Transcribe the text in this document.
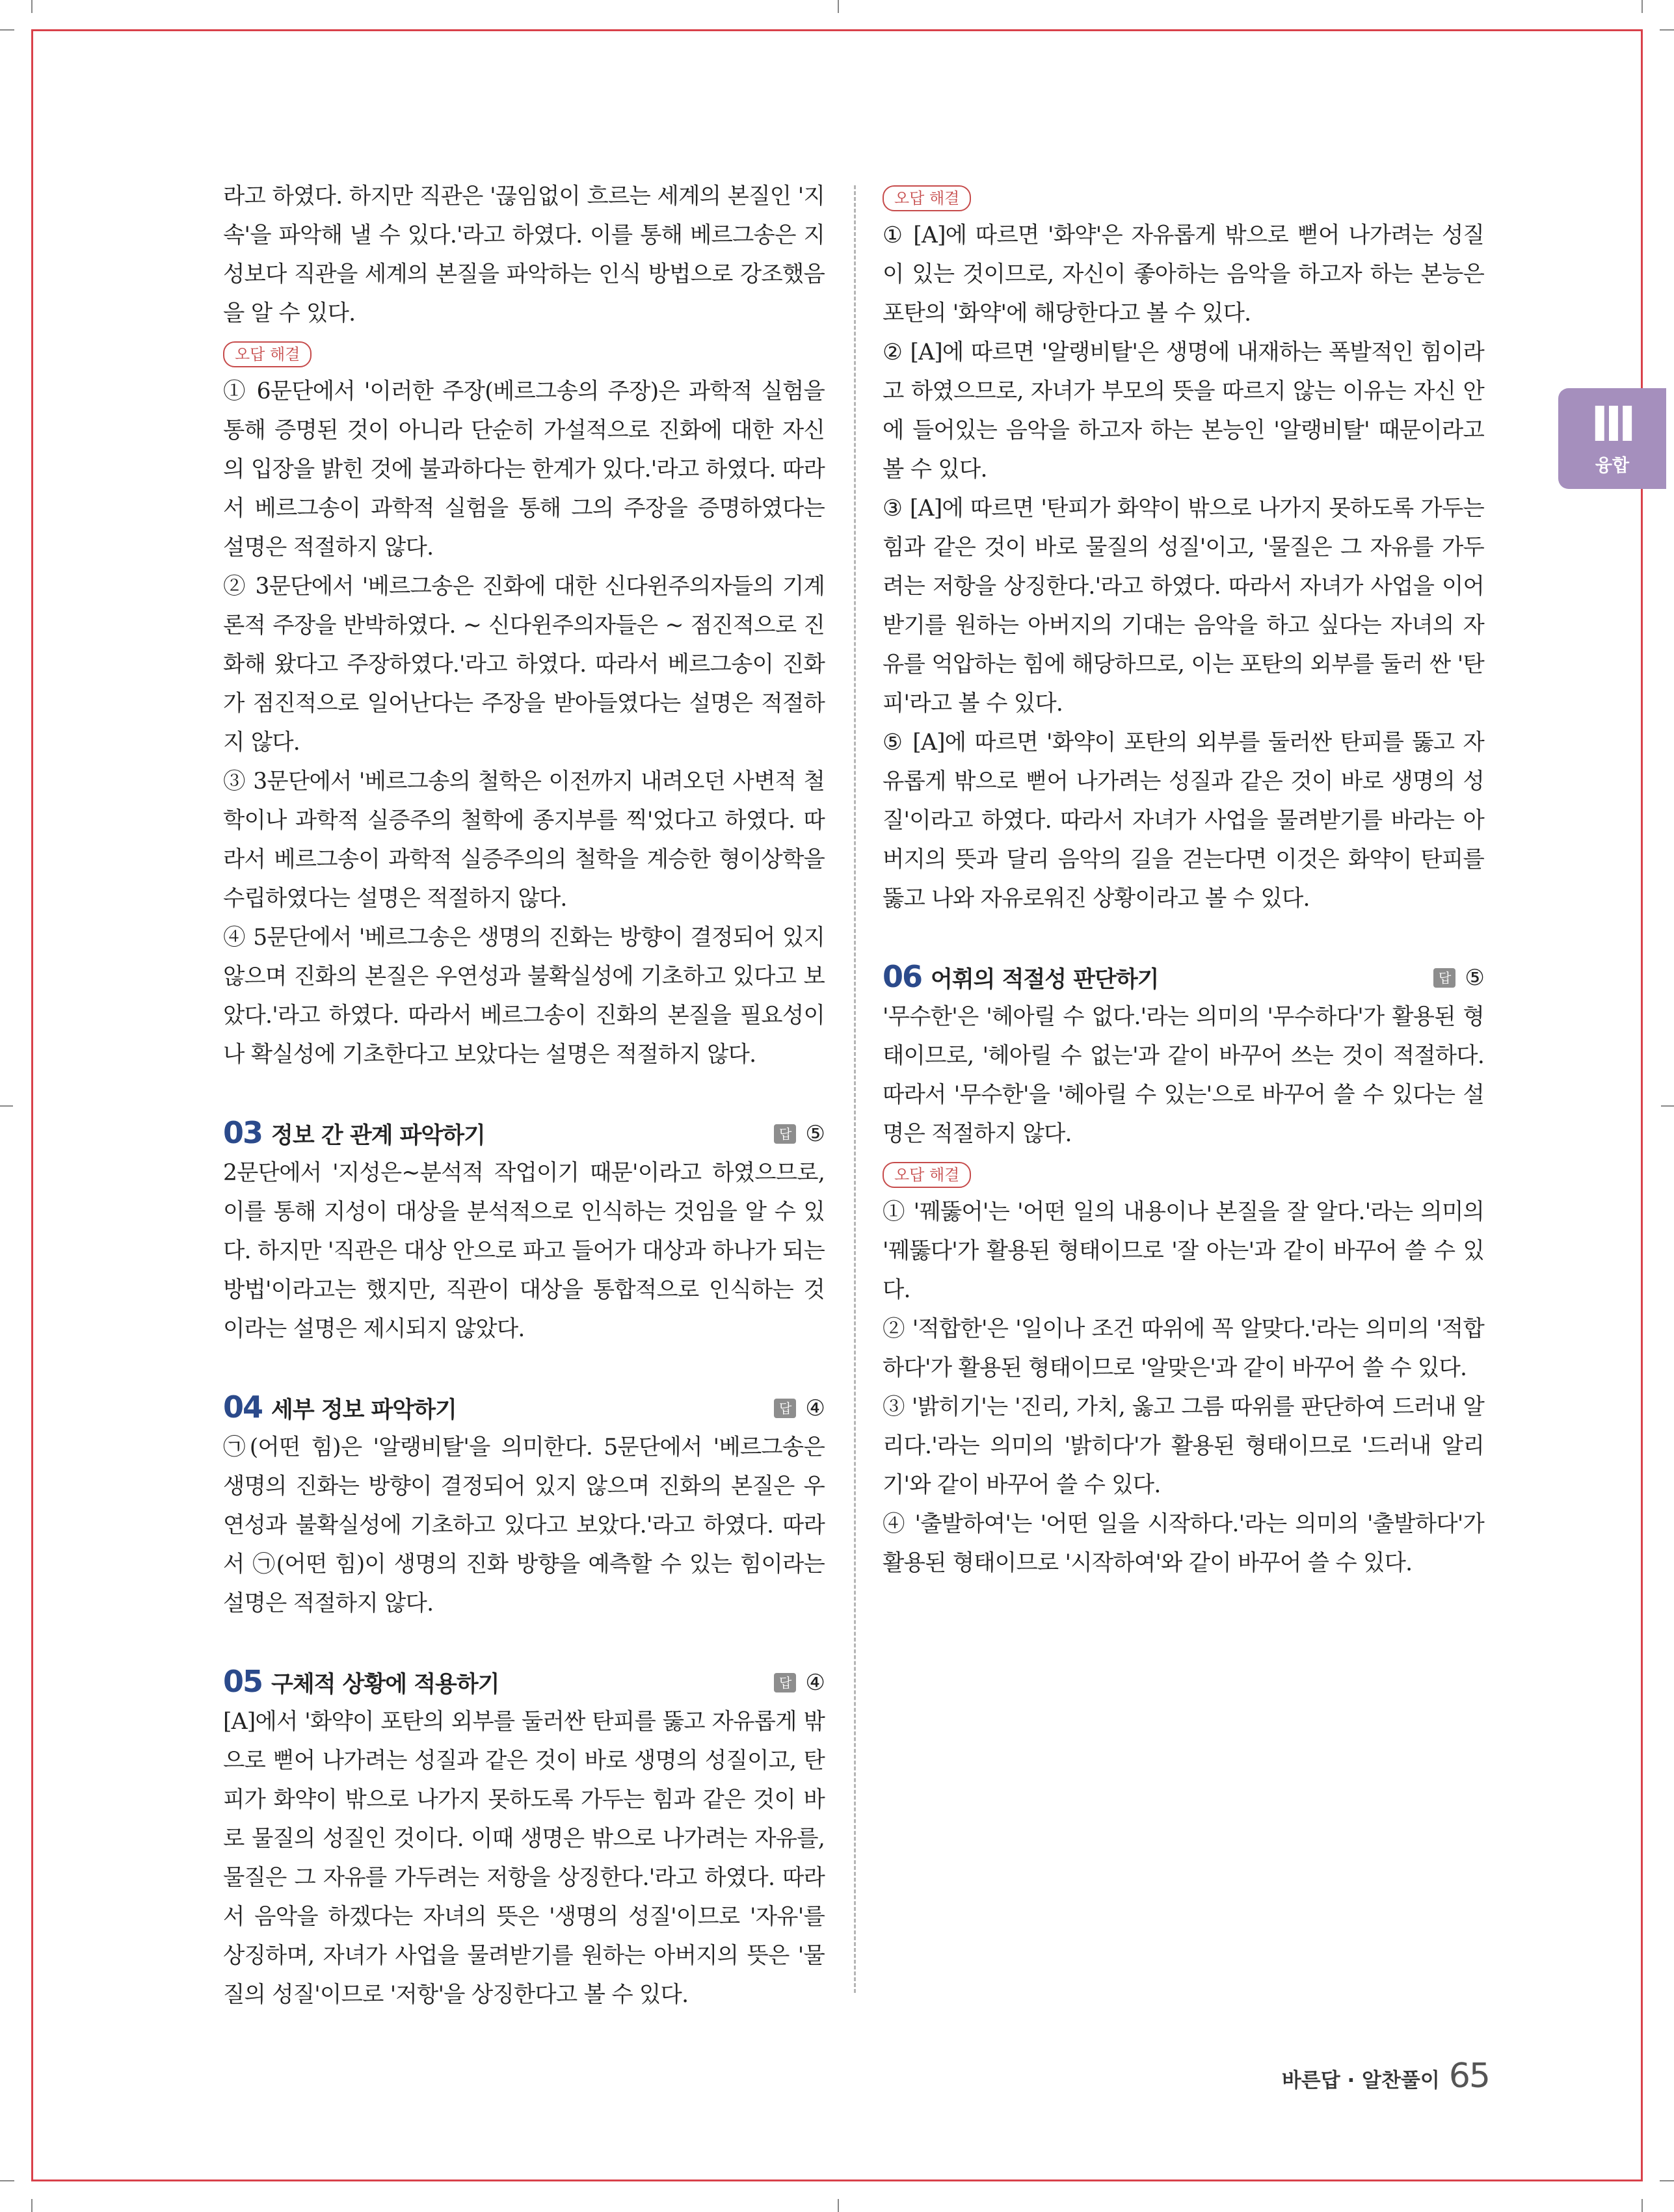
라고 하였다. 하지만 직관은 '끊임없이 흐르는 세계의 본질인 '지속'을 파악해 낼 수 있다.'라고 하였다. 이를 통해 베르그송은 지성보다 직관을 세계의 본질을 파악하는 인식 방법으로 강조했음을 알 수 있다.

오답 해결

① 6문단에서 '이러한 주장(베르그송의 주장)은 과학적 실험을 통해 증명된 것이 아니라 단순히 가설적으로 진화에 대한 자신의 입장을 밝힌 것에 불과하다는 한계가 있다.'라고 하였다. 따라서 베르그송이 과학적 실험을 통해 그의 주장을 증명하였다는 설명은 적절하지 않다.

② 3문단에서 '베르그송은 진화에 대한 신다윈주의자들의 기계론적 주장을 반박하였다. ~ 신다윈주의자들은 ~ 점진적으로 진화해 왔다고 주장하였다.'라고 하였다. 따라서 베르그송이 진화가 점진적으로 일어난다는 주장을 받아들였다는 설명은 적절하지 않다.

③ 3문단에서 '베르그송의 철학은 이전까지 내려오던 사변적 철학이나 과학적 실증주의 철학에 종지부를 찍'었다고 하였다. 따라서 베르그송이 과학적 실증주의의 철학을 계승한 형이상학을 수립하였다는 설명은 적절하지 않다.

④ 5문단에서 '베르그송은 생명의 진화는 방향이 결정되어 있지 않으며 진화의 본질은 우연성과 불확실성에 기초하고 있다고 보았다.'라고 하였다. 따라서 베르그송이 진화의 본질을 필요성이나 확실성에 기초한다고 보았다는 설명은 적절하지 않다.

03 정보 간 관계 파악하기	답 ⑤

2문단에서 '지성은~분석적 작업이기 때문'이라고 하였으므로, 이를 통해 지성이 대상을 분석적으로 인식하는 것임을 알 수 있다. 하지만 '직관은 대상 안으로 파고 들어가 대상과 하나가 되는 방법'이라고는 했지만, 직관이 대상을 통합적으로 인식하는 것이라는 설명은 제시되지 않았다.

04 세부 정보 파악하기	답 ④

㉠(어떤 힘)은 '알랭비탈'을 의미한다. 5문단에서 '베르그송은 생명의 진화는 방향이 결정되어 있지 않으며 진화의 본질은 우연성과 불확실성에 기초하고 있다고 보았다.'라고 하였다. 따라서 ㉠(어떤 힘)이 생명의 진화 방향을 예측할 수 있는 힘이라는 설명은 적절하지 않다.

05 구체적 상황에 적용하기	답 ④

[A]에서 '화약이 포탄의 외부를 둘러싼 탄피를 뚫고 자유롭게 밖으로 뻗어 나가려는 성질과 같은 것이 바로 생명의 성질이고, 탄피가 화약이 밖으로 나가지 못하도록 가두는 힘과 같은 것이 바로 물질의 성질인 것이다. 이때 생명은 밖으로 나가려는 자유를, 물질은 그 자유를 가두려는 저항을 상징한다.'라고 하였다. 따라서 음악을 하겠다는 자녀의 뜻은 '생명의 성질'이므로 '자유'를 상징하며, 자녀가 사업을 물려받기를 원하는 아버지의 뜻은 '물질의 성질'이므로 '저항'을 상징한다고 볼 수 있다.

오답 해결

① [A]에 따르면 '화약'은 자유롭게 밖으로 뻗어 나가려는 성질이 있는 것이므로, 자신이 좋아하는 음악을 하고자 하는 본능은 포탄의 '화약'에 해당한다고 볼 수 있다.

② [A]에 따르면 '알랭비탈'은 생명에 내재하는 폭발적인 힘이라고 하였으므로, 자녀가 부모의 뜻을 따르지 않는 이유는 자신 안에 들어있는 음악을 하고자 하는 본능인 '알랭비탈' 때문이라고 볼 수 있다.

③ [A]에 따르면 '탄피가 화약이 밖으로 나가지 못하도록 가두는 힘과 같은 것이 바로 물질의 성질'이고, '물질은 그 자유를 가두려는 저항을 상징한다.'라고 하였다. 따라서 자녀가 사업을 이어받기를 원하는 아버지의 기대는 음악을 하고 싶다는 자녀의 자유를 억압하는 힘에 해당하므로, 이는 포탄의 외부를 둘러 싼 '탄피'라고 볼 수 있다.

⑤ [A]에 따르면 '화약이 포탄의 외부를 둘러싼 탄피를 뚫고 자유롭게 밖으로 뻗어 나가려는 성질과 같은 것이 바로 생명의 성질'이라고 하였다. 따라서 자녀가 사업을 물려받기를 바라는 아버지의 뜻과 달리 음악의 길을 걷는다면 이것은 화약이 탄피를 뚫고 나와 자유로워진 상황이라고 볼 수 있다.

06 어휘의 적절성 판단하기	답 ⑤

'무수한'은 '헤아릴 수 없다.'라는 의미의 '무수하다'가 활용된 형태이므로, '헤아릴 수 없는'과 같이 바꾸어 쓰는 것이 적절하다. 따라서 '무수한'을 '헤아릴 수 있는'으로 바꾸어 쓸 수 있다는 설명은 적절하지 않다.

오답 해결

① '꿰뚫어'는 '어떤 일의 내용이나 본질을 잘 알다.'라는 의미의 '꿰뚫다'가 활용된 형태이므로 '잘 아는'과 같이 바꾸어 쓸 수 있다.

② '적합한'은 '일이나 조건 따위에 꼭 알맞다.'라는 의미의 '적합하다'가 활용된 형태이므로 '알맞은'과 같이 바꾸어 쓸 수 있다.

③ '밝히기'는 '진리, 가치, 옳고 그름 따위를 판단하여 드러내 알리다.'라는 의미의 '밝히다'가 활용된 형태이므로 '드러내 알리기'와 같이 바꾸어 쓸 수 있다.

④ '출발하여'는 '어떤 일을 시작하다.'라는 의미의 '출발하다'가 활용된 형태이므로 '시작하여'와 같이 바꾸어 쓸 수 있다.

Ⅲ
융합
바른답 · 알찬풀이 65
